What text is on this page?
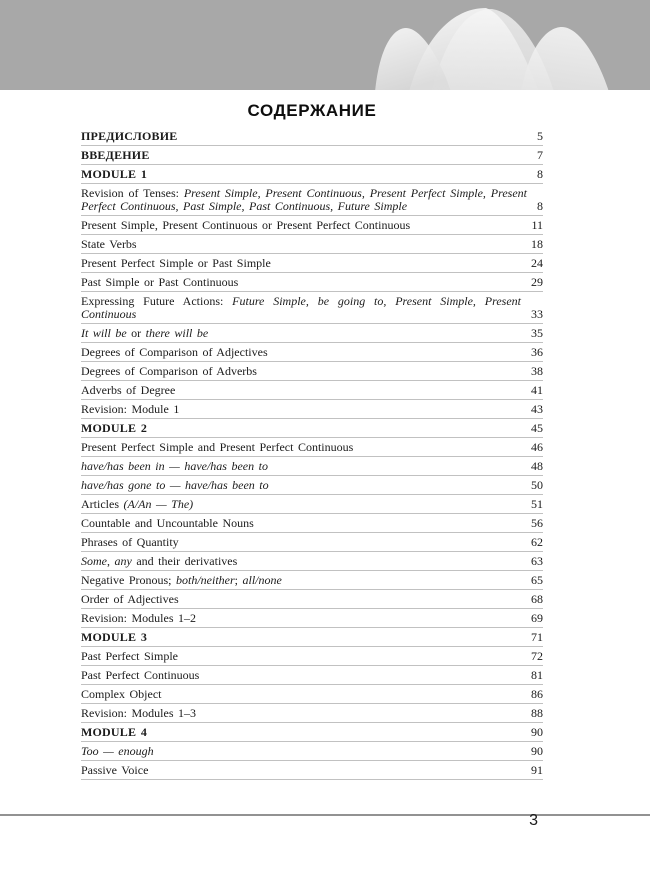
СОДЕРЖАНИЕ
ПРЕДИСЛОВИЕ	5
ВВЕДЕНИЕ	7
MODULE 1	8
Revision of Tenses: Present Simple, Present Continuous, Present Perfect Simple, Present Perfect Continuous, Past Simple, Past Continuous, Future Simple	8
Present Simple, Present Continuous or Present Perfect Continuous	11
State Verbs	18
Present Perfect Simple or Past Simple	24
Past Simple or Past Continuous	29
Expressing Future Actions: Future Simple, be going to, Present Simple, Present Continuous	33
It will be or there will be	35
Degrees of Comparison of Adjectives	36
Degrees of Comparison of Adverbs	38
Adverbs of Degree	41
Revision: Module 1	43
MODULE 2	45
Present Perfect Simple and Present Perfect Continuous	46
have/has been in — have/has been to	48
have/has gone to — have/has been to	50
Articles (A/An — The)	51
Countable and Uncountable Nouns	56
Phrases of Quantity	62
Some, any and their derivatives	63
Negative Pronous; both/neither; all/none	65
Order of Adjectives	68
Revision: Modules 1–2	69
MODULE 3	71
Past Perfect Simple	72
Past Perfect Continuous	81
Complex Object	86
Revision: Modules 1–3	88
MODULE 4	90
Too — enough	90
Passive Voice	91
3
